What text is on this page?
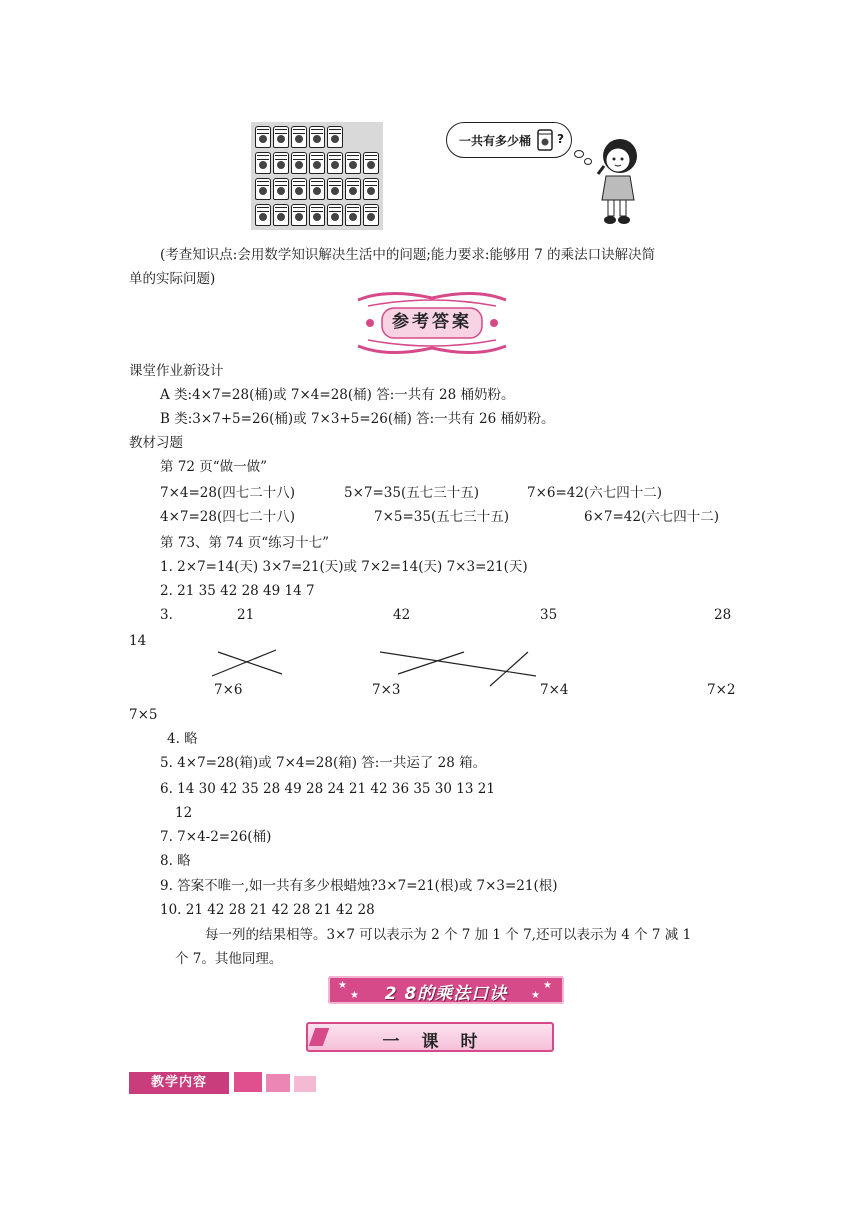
一共有多少桶 ?
(考查知识点:会用数学知识解决生活中的问题;能力要求:能够用 7 的乘法口诀解决简
单的实际问题)
参考答案
课堂作业新设计
A 类:4×7=28(桶)或 7×4=28(桶) 答:一共有 28 桶奶粉。
B 类:3×7+5=26(桶)或 7×3+5=26(桶) 答:一共有 26 桶奶粉。
教材习题
第 72 页“做一做”
7×4=28(四七二十八)	5×7=35(五七三十五)	7×6=42(六七四十二)
4×7=28(四七二十八)	7×5=35(五七三十五)	6×7=42(六七四十二)
第 73、第 74 页“练习十七”
1. 2×7=14(天) 3×7=21(天)或 7×2=14(天) 7×3=21(天)
2. 21 35 42 28 49 14 7
3.	21	42	35	28
14
7×6	7×3	7×4	7×2
7×5
4. 略
5. 4×7=28(箱)或 7×4=28(箱) 答:一共运了 28 箱。
6. 14 30 42 35 28 49 28 24 21 42 36 35 30 13 21
12
7. 7×4-2=26(桶)
8. 略
9. 答案不唯一,如一共有多少根蜡烛?3×7=21(根)或 7×3=21(根)
10. 21 42 28 21 42 28 21 42 28
每一列的结果相等。3×7 可以表示为 2 个 7 加 1 个 7,还可以表示为 4 个 7 减 1
个 7。其他同理。
★
★
★
★
2 8的乘法口诀
一课时
教学内容
